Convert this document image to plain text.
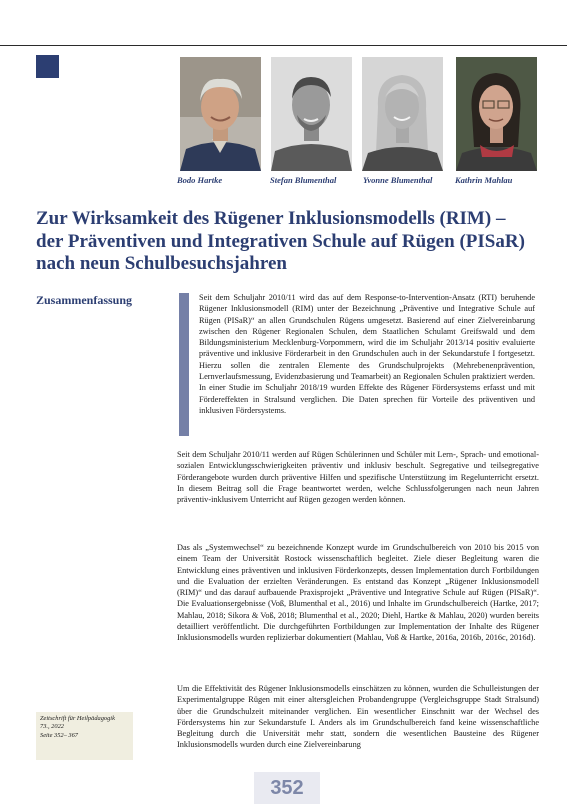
Bodo Hartke	Stefan Blumenthal	Yvonne Blumenthal	Kathrin Mahlau
Zur Wirksamkeit des Rügener Inklusionsmodells (RIM) – der Präventiven und Integrativen Schule auf Rügen (PISaR) nach neun Schulbesuchsjahren
Zusammenfassung	Seit dem Schuljahr 2010/11 wird das auf dem Response-to-Intervention-Ansatz (RTI) beruhende Rügener Inklusionsmodell (RIM) unter der Bezeichnung „Präventive und Integrative Schule auf Rügen (PISaR)“ an allen Grundschulen Rügens umgesetzt. Basierend auf einer Zielvereinbarung zwischen den Rügener Regionalen Schulen, dem Staatlichen Schulamt Greifswald und dem Bildungsministerium Mecklenburg-Vorpommern, wird die im Schuljahr 2013/14 positiv evaluierte präventive und inklusive Förderarbeit in den Grundschulen auch in der Sekundarstufe I fortgesetzt. Hierzu sollen die zentralen Elemente des Grundschulprojekts (Mehrebenenprävention, Lernverlaufsmessung, Evidenzbasierung und Teamarbeit) an Regionalen Schulen praktiziert werden. In einer Studie im Schuljahr 2018/19 wurden Effekte des Rügener Fördersystems erfasst und mit Fördereffekten in Stralsund verglichen. Die Daten sprechen für Vorteile des präventiven und inklusiven Fördersystems.

Seit dem Schuljahr 2010/11 werden auf Rügen Schülerinnen und Schüler mit Lern-, Sprach- und emotional-sozialen Entwicklungsschwierigkeiten präventiv und inklusiv beschult. Segregative und teilsegregative Förderangebote wurden durch präventive Hilfen und spezifische Unterstützung im Regelunterricht ersetzt. In diesem Beitrag soll die Frage beantwortet werden, welche Schlussfolgerungen nach neun Jahren präventiv-inklusivem Unterricht auf Rügen gezogen werden können.

Das als „Systemwechsel“ zu bezeichnende Konzept wurde im Grundschulbereich von 2010 bis 2015 von einem Team der Universität Rostock wissenschaftlich begleitet. Ziele dieser Begleitung waren die Entwicklung eines präventiven und inklusiven Förderkonzepts, dessen Implementation durch Fortbildungen und die Evaluation der erzielten Veränderungen. Es entstand das Konzept „Rügener Inklusionsmodell (RIM)“ und das darauf aufbauende Praxisprojekt „Präventive und Integrative Schule auf Rügen (PISaR)“. Die Evaluationsergebnisse (Voß, Blumenthal et al., 2016) und Inhalte im Grundschulbereich (Hartke, 2017; Mahlau, 2018; Sikora & Voß, 2018; Blumenthal et al., 2020; Diehl, Hartke & Mahlau, 2020) wurden bereits detailliert veröffentlicht. Die durchgeführten Fortbildungen zur Implementation der Inhalte des Rügener Inklusionsmodells wurden replizierbar dokumentiert (Mahlau, Voß & Hartke, 2016a, 2016b, 2016c, 2016d).

Um die Effektivität des Rügener Inklusionsmodells einschätzen zu können, wurden die Schulleistungen der Experimentalgruppe Rügen mit einer altersgleichen Probandengruppe (Vergleichsgruppe Stadt Stralsund) über die Grundschulzeit miteinander verglichen. Ein wesentlicher Einschnitt war der Wechsel des Fördersystems hin zur Sekundarstufe I. Anders als im Grundschulbereich fand keine wissenschaftliche Begleitung durch die Universität mehr statt, sondern die wesentlichen Bausteine des Rügener Inklusionsmodells wurden durch eine Zielvereinbarung

Zeitschrift für Heilpädagogik
73., 2022
Seite 352– 367
352
